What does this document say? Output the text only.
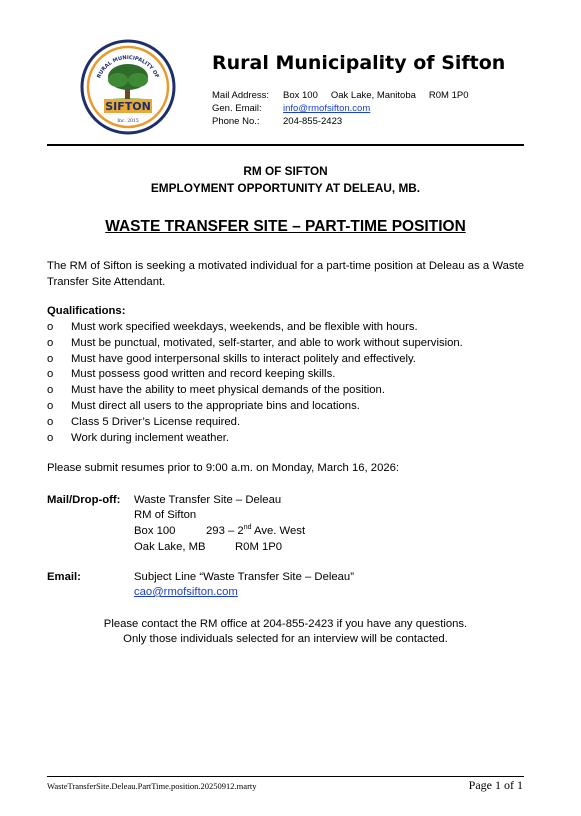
RURAL MUNICIPALITY OF
SIFTON
Inc. 2015
Rural Municipality of Sifton
Mail Address: Box 100 Oak Lake, Manitoba R0M 1P0
Gen. Email: info@rmofsifton.com
Phone No.: 204-855-2423
RM OF SIFTON
EMPLOYMENT OPPORTUNITY AT DELEAU, MB.
WASTE TRANSFER SITE – PART-TIME POSITION
The RM of Sifton is seeking a motivated individual for a part-time position at Deleau as a Waste Transfer Site Attendant.
Qualifications:
o Must work specified weekdays, weekends, and be flexible with hours.
o Must be punctual, motivated, self-starter, and able to work without supervision.
o Must have good interpersonal skills to interact politely and effectively.
o Must possess good written and record keeping skills.
o Must have the ability to meet physical demands of the position.
o Must direct all users to the appropriate bins and locations.
o Class 5 Driver’s License required.
o Work during inclement weather.
Please submit resumes prior to 9:00 a.m. on Monday, March 16, 2026:
Mail/Drop-off: Waste Transfer Site – Deleau
RM of Sifton
Box 100	293 – 2nd Ave. West
Oak Lake, MB	R0M 1P0
Email:	Subject Line “Waste Transfer Site – Deleau”
cao@rmofsifton.com
Please contact the RM office at 204-855-2423 if you have any questions.
Only those individuals selected for an interview will be contacted.
WasteTransferSite.Deleau.PartTime.position.20250912.marty	Page 1 of 1
